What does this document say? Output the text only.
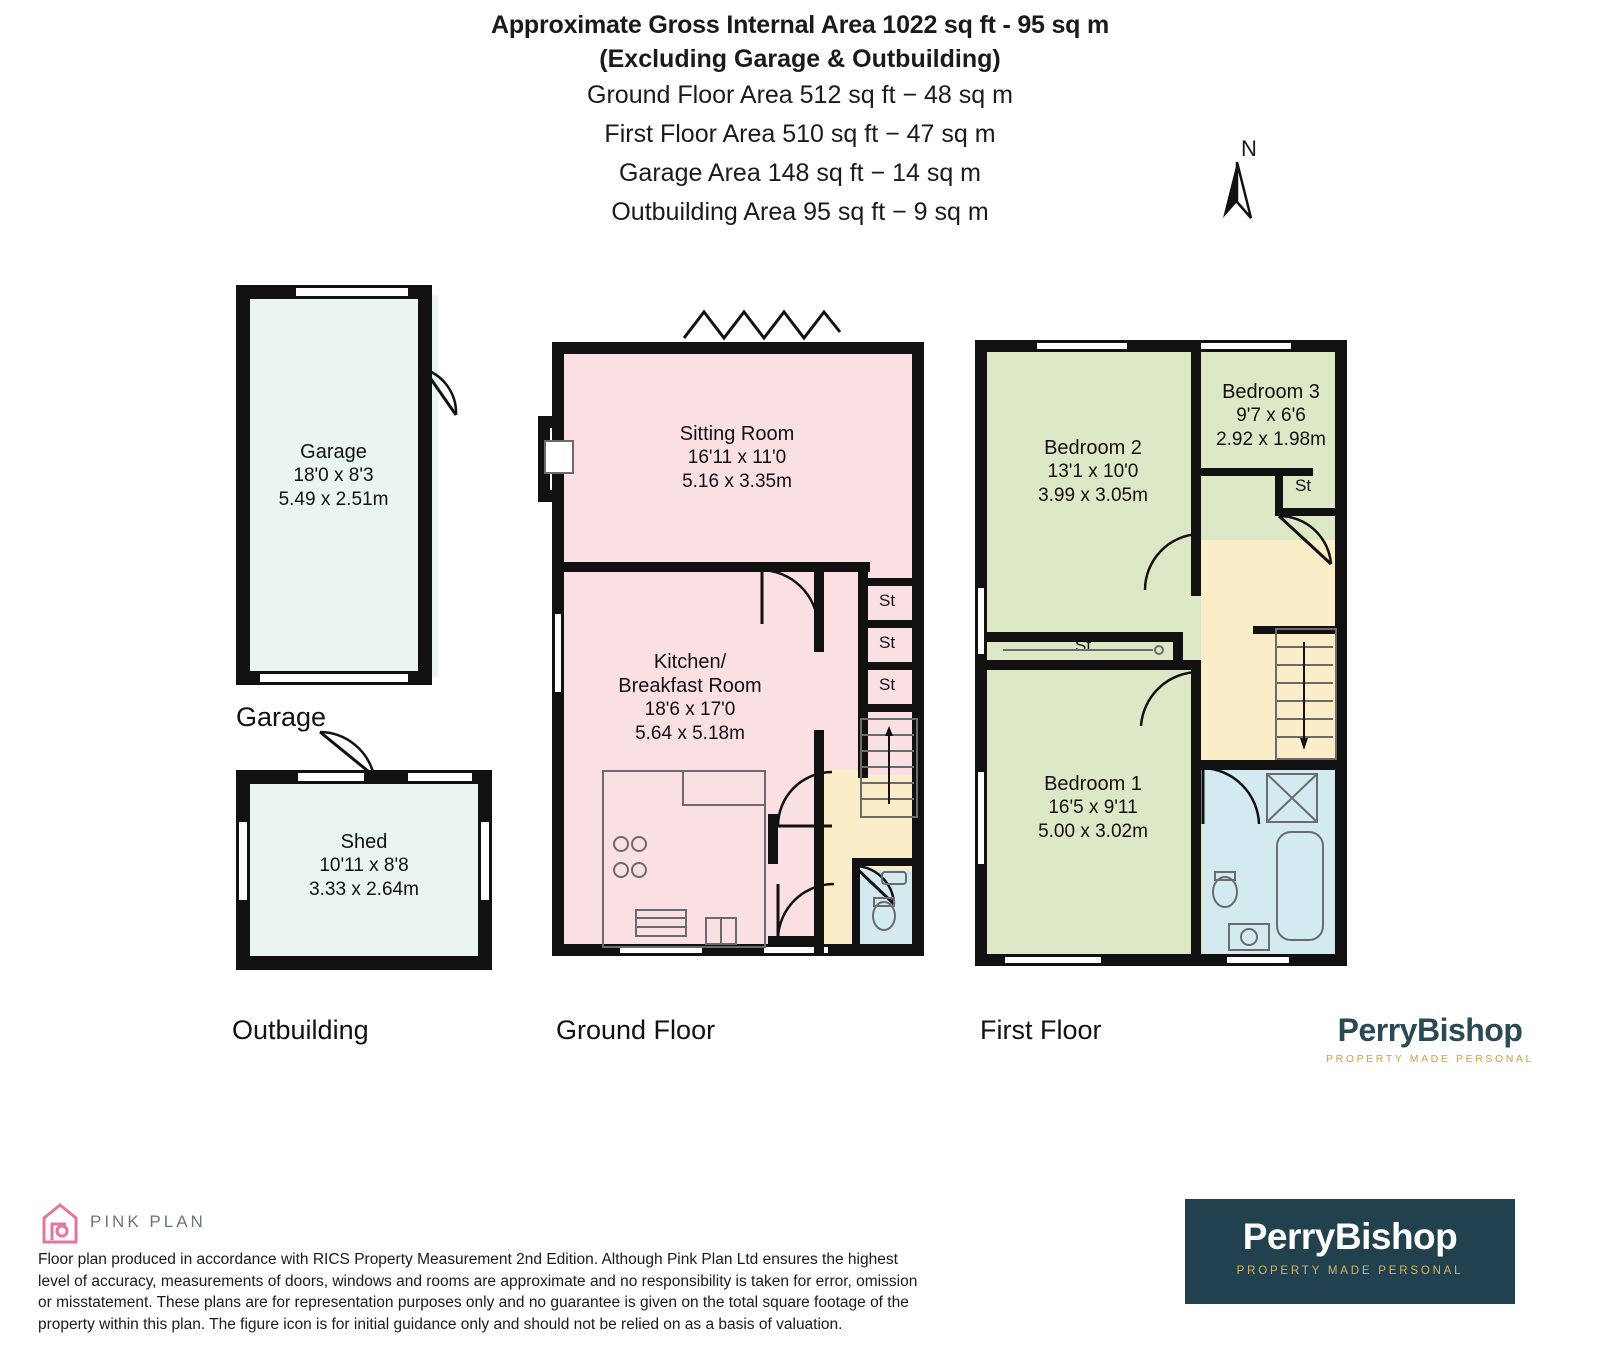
Approximate Gross Internal Area 1022 sq ft - 95 sq m
(Excluding Garage & Outbuilding)
Ground Floor Area 512 sq ft − 48 sq m
First Floor Area 510 sq ft − 47 sq m
Garage Area 148 sq ft − 14 sq m
Outbuilding Area 95 sq ft − 9 sq m
N
Garage
18'0 x 8'3
5.49 x 2.51m
Garage
Shed
10'11 x 8'8
3.33 x 2.64m
Outbuilding
St
St
St
Sitting Room
16'11 x 11'0
5.16 x 3.35m
Kitchen/
Breakfast Room
18'6 x 17'0
5.64 x 5.18m
Ground Floor
St
St
Bedroom 2
13'1 x 10'0
3.99 x 3.05m
Bedroom 3
9'7 x 6'6
2.92 x 1.98m
Bedroom 1
16'5 x 9'11
5.00 x 3.02m
First Floor	PerryBishop
PROPERTY MADE PERSONAL
PINK PLAN
Floor plan produced in accordance with RICS Property Measurement 2nd Edition. Although Pink Plan Ltd ensures the highest level of accuracy, measurements of doors, windows and rooms are approximate and no responsibility is taken for error, omission or misstatement. These plans are for representation purposes only and no guarantee is given on the total square footage of the property within this plan. The figure icon is for initial guidance only and should not be relied on as a basis of valuation.
PerryBishop
PROPERTY MADE PERSONAL
